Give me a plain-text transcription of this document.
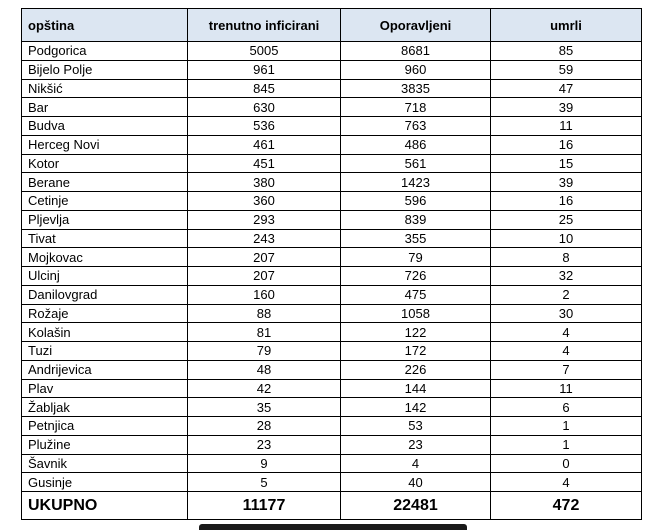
opština	trenutno inficirani	Oporavljeni	umrli
Podgorica	5005	8681	85
Bijelo Polje	961	960	59
Nikšić	845	3835	47
Bar	630	718	39
Budva	536	763	11
Herceg Novi	461	486	16
Kotor	451	561	15
Berane	380	1423	39
Cetinje	360	596	16
Pljevlja	293	839	25
Tivat	243	355	10
Mojkovac	207	79	8
Ulcinj	207	726	32
Danilovgrad	160	475	2
Rožaje	88	1058	30
Kolašin	81	122	4
Tuzi	79	172	4
Andrijevica	48	226	7
Plav	42	144	11
Žabljak	35	142	6
Petnjica	28	53	1
Plužine	23	23	1
Šavnik	9	4	0
Gusinje	5	40	4
UKUPNO	11177	22481	472
